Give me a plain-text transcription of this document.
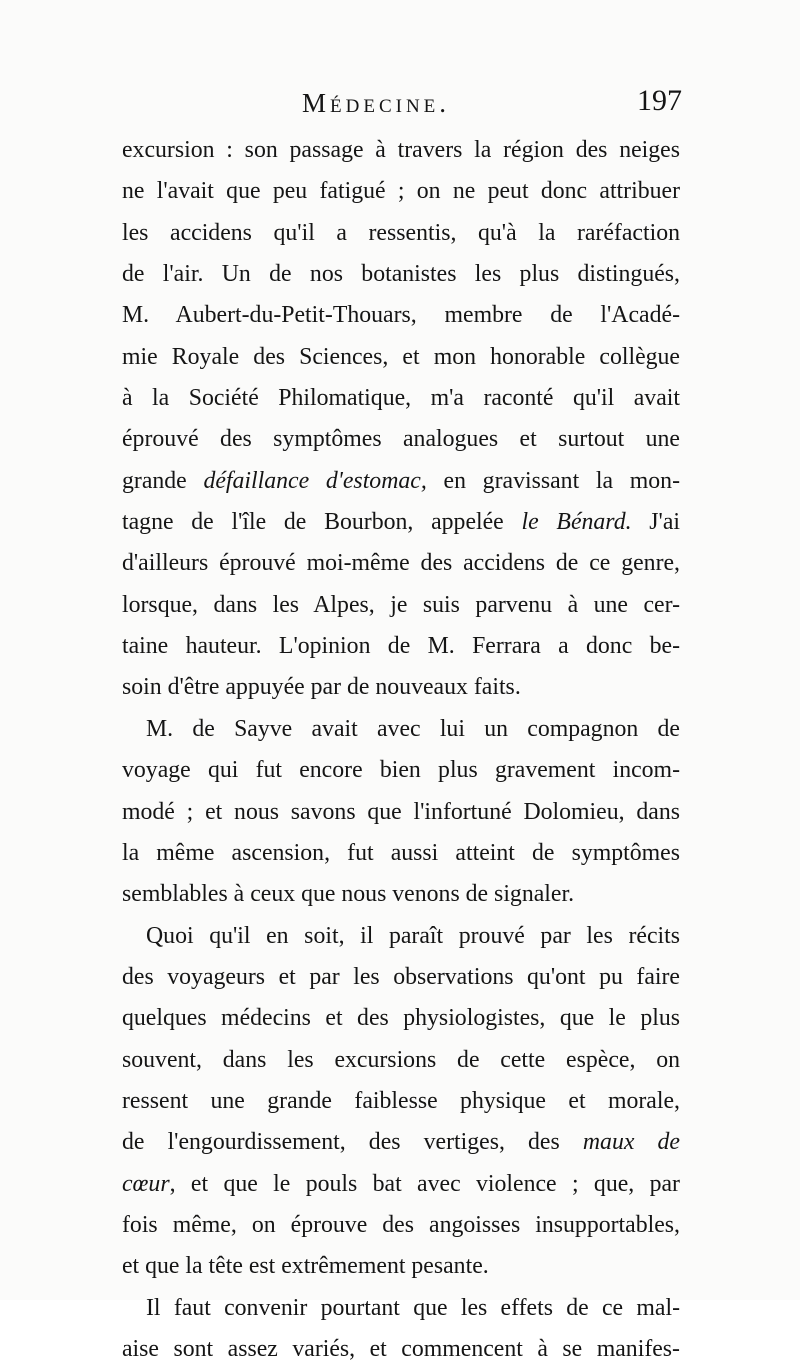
Médecine.	197
excursion : son passage à travers la région des neiges
ne l'avait que peu fatigué ; on ne peut donc attribuer
les accidens qu'il a ressentis, qu'à la raréfaction
de l'air. Un de nos botanistes les plus distingués,
M. Aubert-du-Petit-Thouars, membre de l'Acadé-
mie Royale des Sciences, et mon honorable collègue
à la Société Philomatique, m'a raconté qu'il avait
éprouvé des symptômes analogues et surtout une
grande défaillance d'estomac, en gravissant la mon-
tagne de l'île de Bourbon, appelée le Bénard. J'ai
d'ailleurs éprouvé moi-même des accidens de ce genre,
lorsque, dans les Alpes, je suis parvenu à une cer-
taine hauteur. L'opinion de M. Ferrara a donc be-
soin d'être appuyée par de nouveaux faits.
M. de Sayve avait avec lui un compagnon de
voyage qui fut encore bien plus gravement incom-
modé ; et nous savons que l'infortuné Dolomieu, dans
la même ascension, fut aussi atteint de symptômes
semblables à ceux que nous venons de signaler.
Quoi qu'il en soit, il paraît prouvé par les récits
des voyageurs et par les observations qu'ont pu faire
quelques médecins et des physiologistes, que le plus
souvent, dans les excursions de cette espèce, on
ressent une grande faiblesse physique et morale,
de l'engourdissement, des vertiges, des maux de
cœur, et que le pouls bat avec violence ; que, par
fois même, on éprouve des angoisses insupportables,
et que la tête est extrêmement pesante.
Il faut convenir pourtant que les effets de ce mal-
aise sont assez variés, et commencent à se manifes-
